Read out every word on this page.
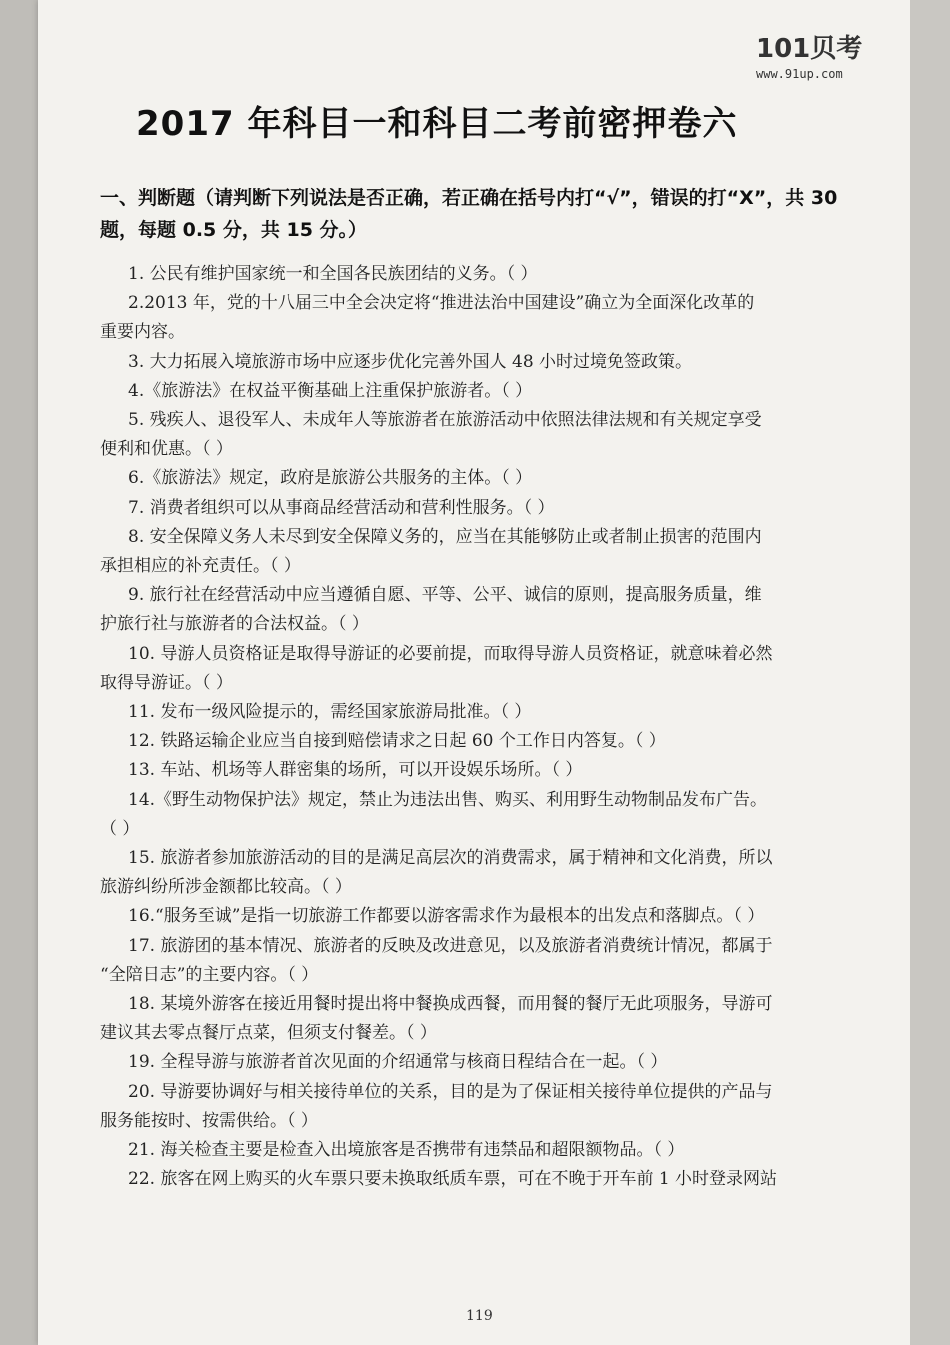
101贝考
www.91up.com
2017 年科目一和科目二考前密押卷六
一、判断题（请判断下列说法是否正确，若正确在括号内打“√”，错误的打“X”，共 30 题，每题 0.5 分，共 15 分。）

1. 公民有维护国家统一和全国各民族团结的义务。（ ）

2.2013 年，党的十八届三中全会决定将“推进法治中国建设”确立为全面深化改革的

重要内容。

3. 大力拓展入境旅游市场中应逐步优化完善外国人 48 小时过境免签政策。

4.《旅游法》在权益平衡基础上注重保护旅游者。（ ）

5. 残疾人、退役军人、未成年人等旅游者在旅游活动中依照法律法规和有关规定享受

便利和优惠。（ ）

6.《旅游法》规定，政府是旅游公共服务的主体。（ ）

7. 消费者组织可以从事商品经营活动和营利性服务。（ ）

8. 安全保障义务人未尽到安全保障义务的，应当在其能够防止或者制止损害的范围内

承担相应的补充责任。（ ）

9. 旅行社在经营活动中应当遵循自愿、平等、公平、诚信的原则，提高服务质量，维

护旅行社与旅游者的合法权益。（ ）

10. 导游人员资格证是取得导游证的必要前提，而取得导游人员资格证，就意味着必然

取得导游证。（ ）

11. 发布一级风险提示的，需经国家旅游局批准。（ ）

12. 铁路运输企业应当自接到赔偿请求之日起 60 个工作日内答复。（ ）

13. 车站、机场等人群密集的场所，可以开设娱乐场所。（ ）

14.《野生动物保护法》规定，禁止为违法出售、购买、利用野生动物制品发布广告。

（ ）

15. 旅游者参加旅游活动的目的是满足高层次的消费需求，属于精神和文化消费，所以

旅游纠纷所涉金额都比较高。（ ）

16.“服务至诚”是指一切旅游工作都要以游客需求作为最根本的出发点和落脚点。（ ）

17. 旅游团的基本情况、旅游者的反映及改进意见，以及旅游者消费统计情况，都属于

“全陪日志”的主要内容。（ ）

18. 某境外游客在接近用餐时提出将中餐换成西餐，而用餐的餐厅无此项服务，导游可

建议其去零点餐厅点菜，但须支付餐差。（ ）

19. 全程导游与旅游者首次见面的介绍通常与核商日程结合在一起。（ ）

20. 导游要协调好与相关接待单位的关系，目的是为了保证相关接待单位提供的产品与

服务能按时、按需供给。（ ）

21. 海关检查主要是检查入出境旅客是否携带有违禁品和超限额物品。（ ）

22. 旅客在网上购买的火车票只要未换取纸质车票，可在不晚于开车前 1 小时登录网站

119
